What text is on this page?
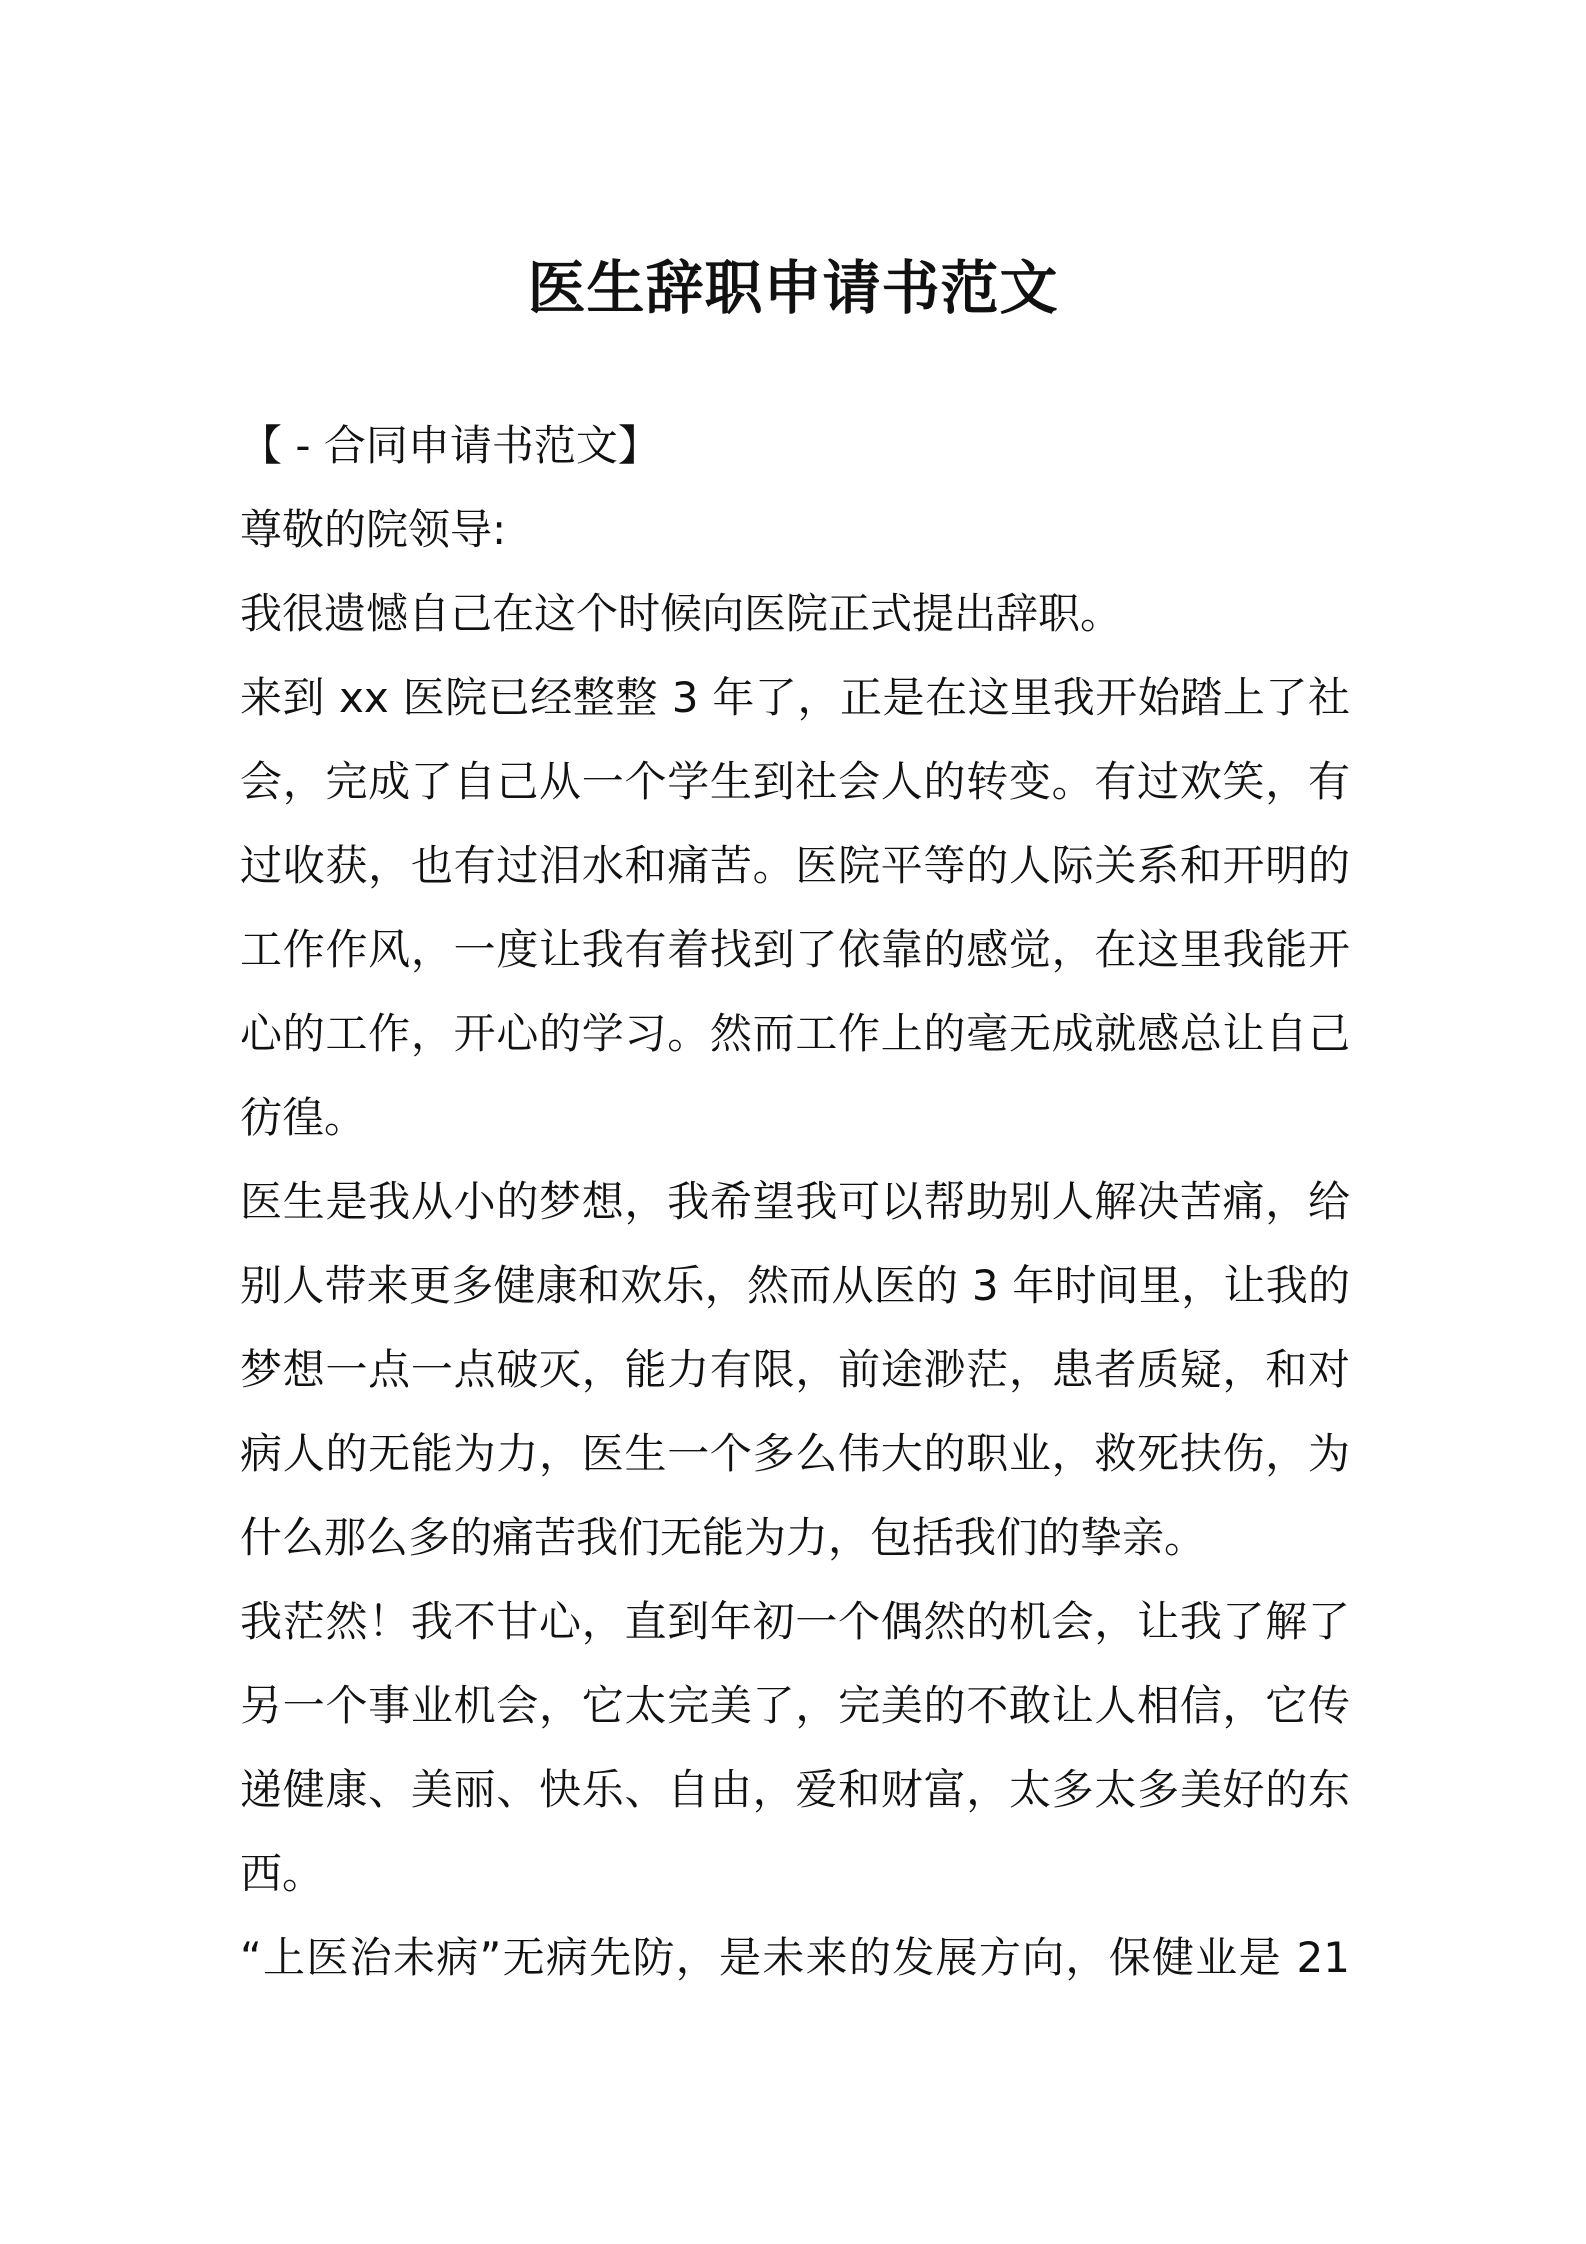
医生辞职申请书范文
【 - 合同申请书范文】
尊敬的院领导:
我很遗憾自己在这个时候向医院正式提出辞职。
来到 xx 医院已经整整 3 年了，正是在这里我开始踏上了社
会，完成了自己从一个学生到社会人的转变。有过欢笑，有
过收获，也有过泪水和痛苦。医院平等的人际关系和开明的
工作作风，一度让我有着找到了依靠的感觉，在这里我能开
心的工作，开心的学习。然而工作上的毫无成就感总让自己
彷徨。
医生是我从小的梦想，我希望我可以帮助别人解决苦痛，给
别人带来更多健康和欢乐，然而从医的 3 年时间里，让我的
梦想一点一点破灭，能力有限，前途渺茫，患者质疑，和对
病人的无能为力，医生一个多么伟大的职业，救死扶伤，为
什么那么多的痛苦我们无能为力，包括我们的挚亲。
我茫然！我不甘心，直到年初一个偶然的机会，让我了解了
另一个事业机会，它太完美了，完美的不敢让人相信，它传
递健康、美丽、快乐、自由，爱和财富，太多太多美好的东
西。
“上医治未病”无病先防，是未来的发展方向，保健业是 21
